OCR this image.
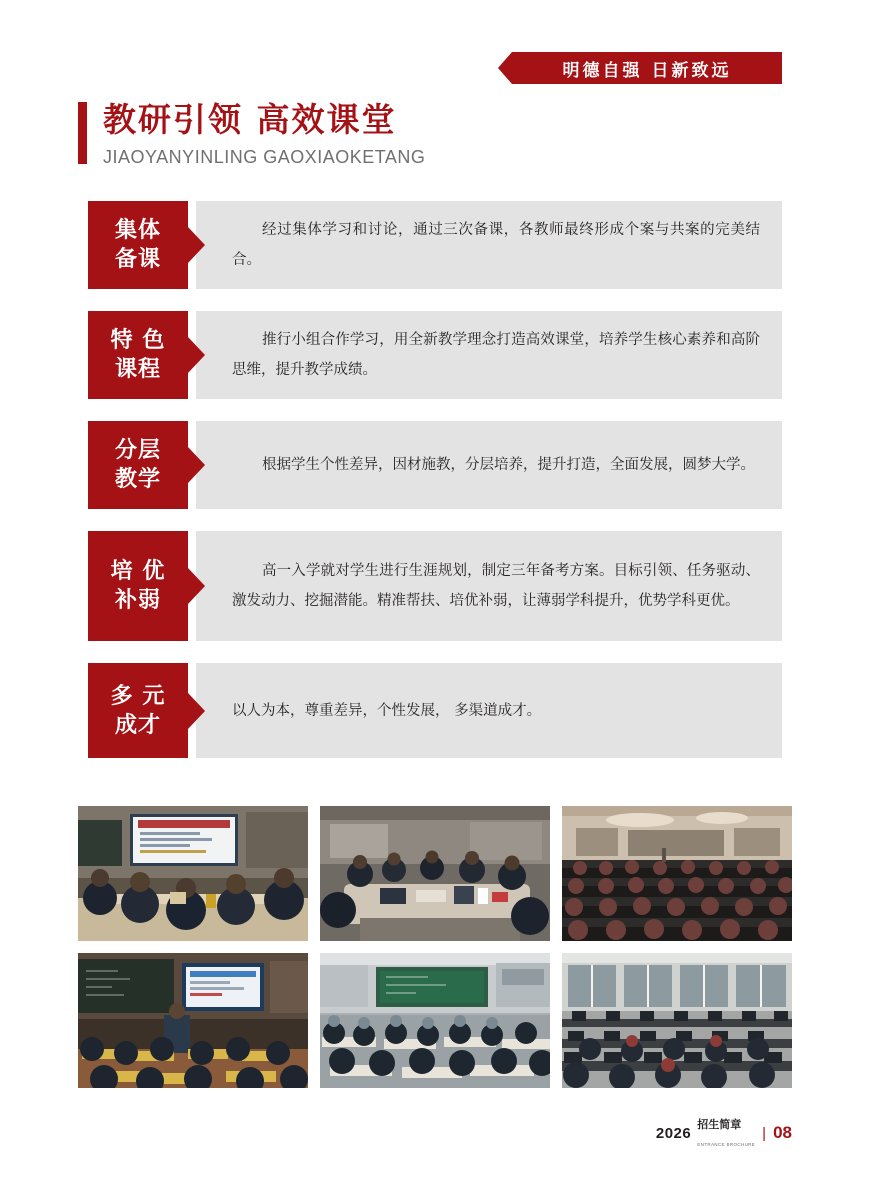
明德自强 日新致远
教研引领 高效课堂
JIAOYANYINLING GAOXIAOKETANG
集体
备课
经过集体学习和讨论，通过三次备课，各教师最终形成个案与共案的完美结合。
特 色
课程
推行小组合作学习，用全新教学理念打造高效课堂，培养学生核心素养和高阶思维，提升教学成绩。
分层
教学
根据学生个性差异，因材施教，分层培养，提升打造，全面发展，圆梦大学。
培 优
补弱
高一入学就对学生进行生涯规划，制定三年备考方案。目标引领、任务驱动、激发动力、挖掘潜能。精准帮扶、培优补弱，让薄弱学科提升，优势学科更优。
多 元
成才
以人为本，尊重差异，个性发展， 多渠道成才。
2026 招生简章
ENTRANCE BROCHURE
| 08
